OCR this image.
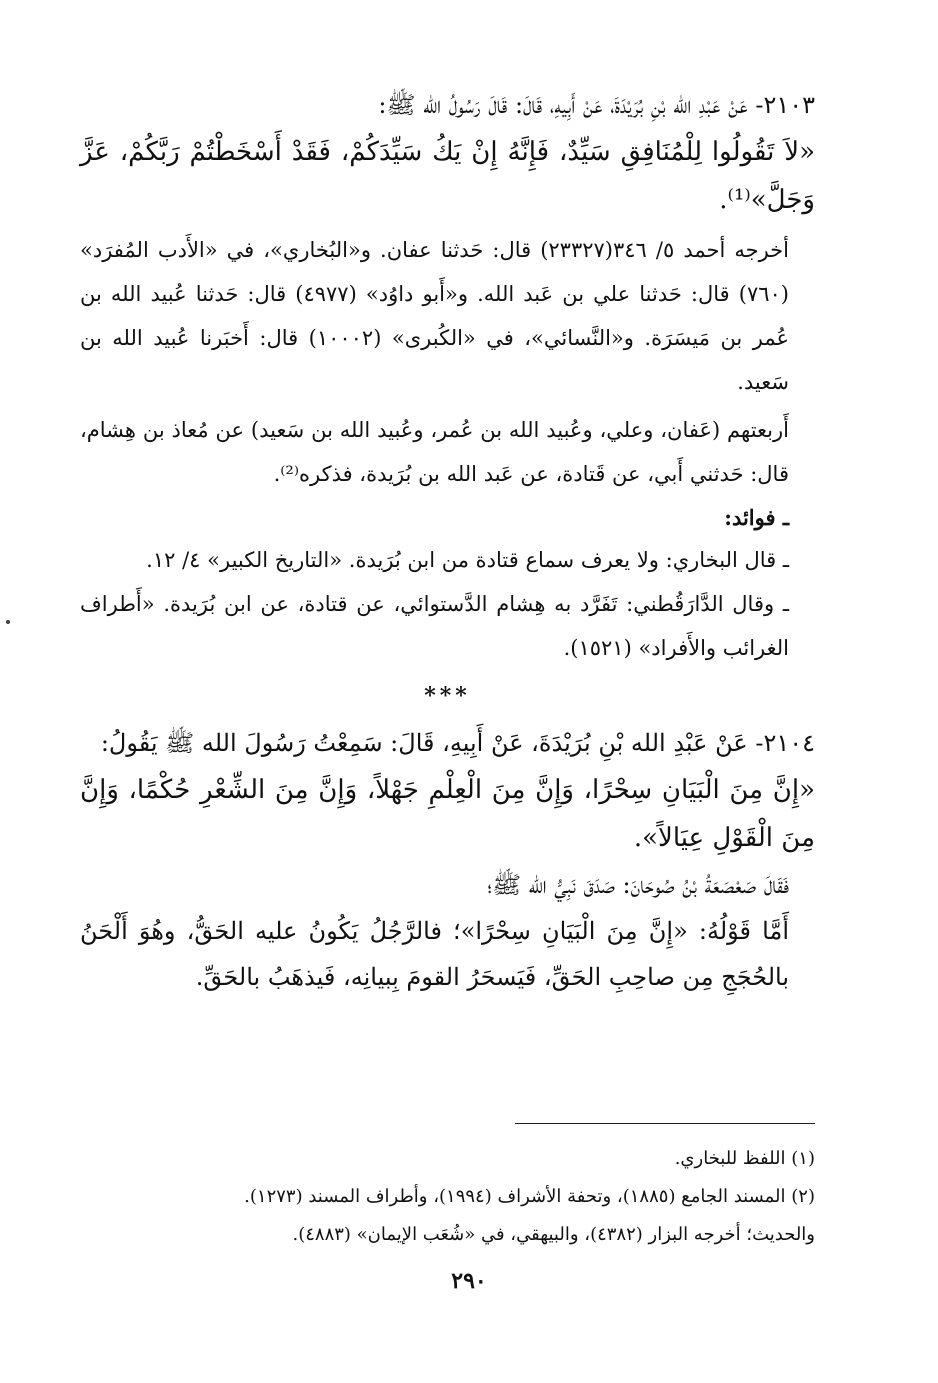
٢١٠٣- عَنْ عَبْدِ الله بْنِ بُرَيْدَةَ، عَنْ أَبِيهِ، قَالَ: قَالَ رَسُولُ الله ﷺ:

«لاَ تَقُولُوا لِلْمُنَافِقِ سَيِّدٌ، فَإِنَّهُ إِنْ يَكُ سَيِّدَكُمْ، فَقَدْ أَسْخَطْتُمْ رَبَّكُمْ، عَزَّ وَجَلَّ»⁽¹⁾.

أخرجه أحمد ٥/ ٣٤٦(٢٣٣٢٧) قال: حَدثنا عفان. و«البُخاري»، في «الأَدب المُفرَد» (٧٦٠) قال: حَدثنا علي بن عَبد الله. و«أَبو داوُد» (٤٩٧٧) قال: حَدثنا عُبيد الله بن عُمر بن مَيسَرَة. و«النَّسائي»، في «الكُبرى» (١٠٠٠٢) قال: أَخبَرنا عُبيد الله بن سَعيد.

أَربعتهم (عَفان، وعلي، وعُبيد الله بن عُمر، وعُبيد الله بن سَعيد) عن مُعاذ بن هِشام، قال: حَدثني أَبي، عن قَتادة، عن عَبد الله بن بُرَيدة، فذكره⁽²⁾.

ـ فوائد:

ـ قال البخاري: ولا يعرف سماع قتادة من ابن بُرَيدة. «التاريخ الكبير» ٤/ ١٢.

ـ وقال الدَّارَقُطني: تَفَرَّد به هِشام الدَّستوائي، عن قتادة، عن ابن بُرَيدة. «أَطراف الغرائب والأَفراد» (١٥٢١).

***

٢١٠٤- عَنْ عَبْدِ الله بْنِ بُرَيْدَةَ، عَنْ أَبِيهِ، قَالَ: سَمِعْتُ رَسُولَ الله ﷺ يَقُولُ:

«إِنَّ مِنَ الْبَيَانِ سِحْرًا، وَإِنَّ مِنَ الْعِلْمِ جَهْلاً، وَإِنَّ مِنَ الشِّعْرِ حُكْمًا، وَإِنَّ مِنَ الْقَوْلِ عِيَالاً».

فَقَالَ صَعْصَعَةُ بْنُ صُوحَانَ: صَدَقَ نَبِيُّ الله ﷺ؛

أَمَّا قَوْلُهُ: «إِنَّ مِنَ الْبَيَانِ سِحْرًا»؛ فالرَّجُلُ يَكُونُ عليه الحَقُّ، وهُوَ أَلْحَنُ بالحُجَجِ مِن صاحِبِ الحَقِّ، فَيَسحَرُ القومَ بِبيانِه، فَيذهَبُ بالحَقِّ.

(١) اللفظ للبخاري.

(٢) المسند الجامع (١٨٨٥)، وتحفة الأشراف (١٩٩٤)، وأطراف المسند (١٢٧٣).

والحديث؛ أخرجه البزار (٤٣٨٢)، والبيهقي، في «شُعَب الإيمان» (٤٨٨٣).

٢٩٠
